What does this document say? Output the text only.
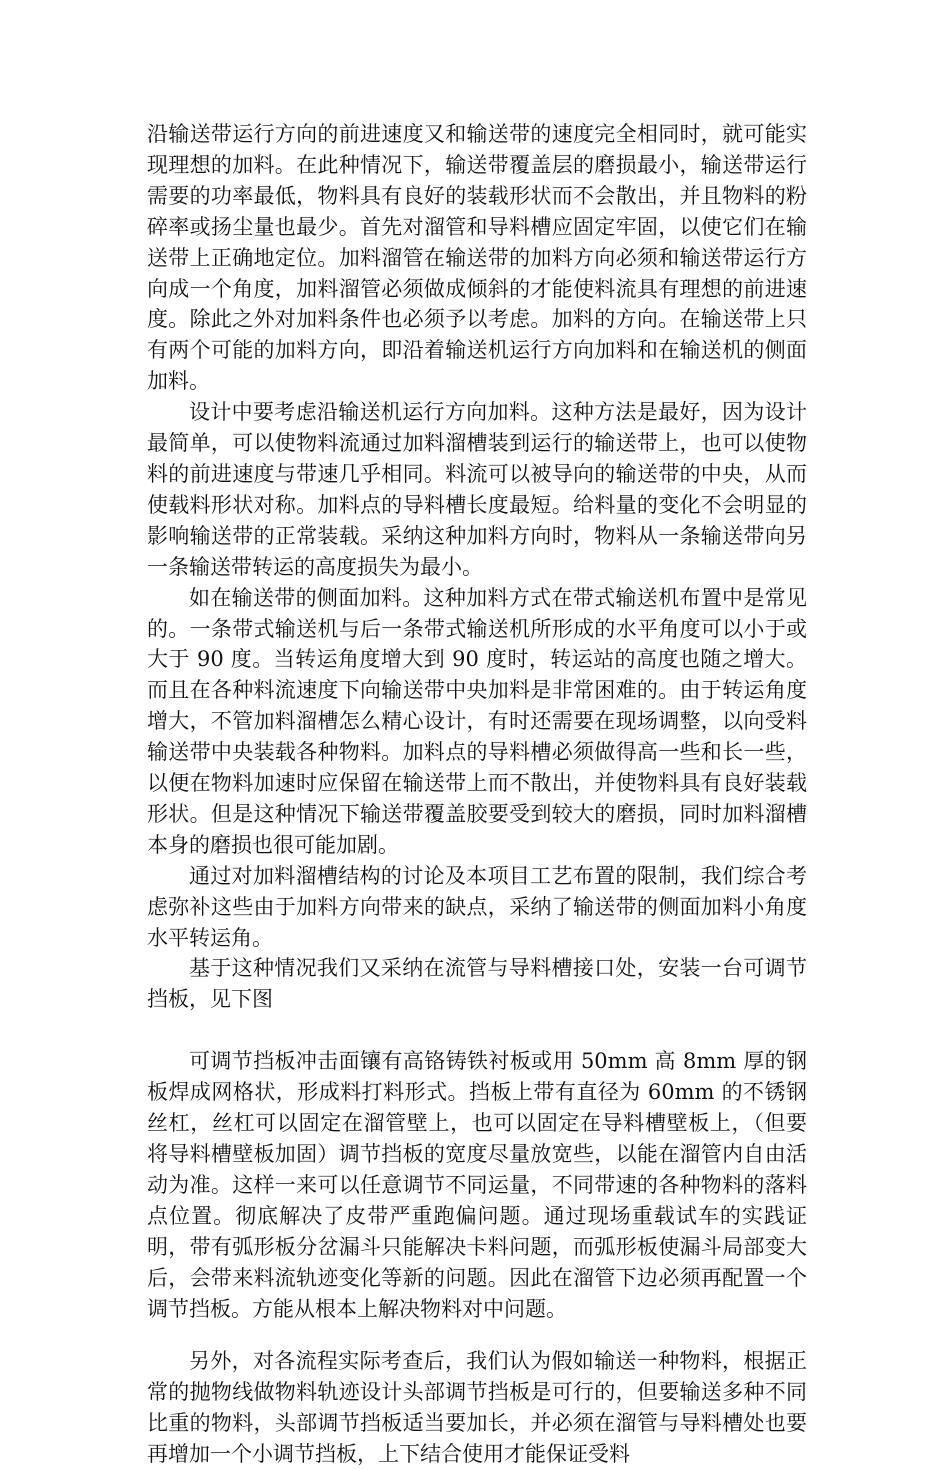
沿输送带运行方向的前进速度又和输送带的速度完全相同时，就可能实现理想的加料。在此种情况下，输送带覆盖层的磨损最小，输送带运行需要的功率最低，物料具有良好的装载形状而不会散出，并且物料的粉碎率或扬尘量也最少。首先对溜管和导料槽应固定牢固，以使它们在输送带上正确地定位。加料溜管在输送带的加料方向必须和输送带运行方向成一个角度，加料溜管必须做成倾斜的才能使料流具有理想的前进速度。除此之外对加料条件也必须予以考虑。加料的方向。在输送带上只有两个可能的加料方向，即沿着输送机运行方向加料和在输送机的侧面加料。

设计中要考虑沿输送机运行方向加料。这种方法是最好，因为设计最简单，可以使物料流通过加料溜槽装到运行的输送带上，也可以使物料的前进速度与带速几乎相同。料流可以被导向的输送带的中央，从而使载料形状对称。加料点的导料槽长度最短。给料量的变化不会明显的影响输送带的正常装载。采纳这种加料方向时，物料从一条输送带向另一条输送带转运的高度损失为最小。

如在输送带的侧面加料。这种加料方式在带式输送机布置中是常见的。一条带式输送机与后一条带式输送机所形成的水平角度可以小于或大于 90 度。当转运角度增大到 90 度时，转运站的高度也随之增大。而且在各种料流速度下向输送带中央加料是非常困难的。由于转运角度增大，不管加料溜槽怎么精心设计，有时还需要在现场调整，以向受料输送带中央装载各种物料。加料点的导料槽必须做得高一些和长一些，以便在物料加速时应保留在输送带上而不散出，并使物料具有良好装载形状。但是这种情况下输送带覆盖胶要受到较大的磨损，同时加料溜槽本身的磨损也很可能加剧。

通过对加料溜槽结构的讨论及本项目工艺布置的限制，我们综合考虑弥补这些由于加料方向带来的缺点，采纳了输送带的侧面加料小角度水平转运角。

基于这种情况我们又采纳在流管与导料槽接口处，安装一台可调节挡板，见下图

可调节挡板冲击面镶有高铬铸铁衬板或用 50mm 高 8mm 厚的钢板焊成网格状，形成料打料形式。挡板上带有直径为 60mm 的不锈钢丝杠，丝杠可以固定在溜管壁上，也可以固定在导料槽壁板上，（但要将导料槽壁板加固）调节挡板的宽度尽量放宽些，以能在溜管内自由活动为准。这样一来可以任意调节不同运量，不同带速的各种物料的落料点位置。彻底解决了皮带严重跑偏问题。通过现场重载试车的实践证明，带有弧形板分岔漏斗只能解决卡料问题，而弧形板使漏斗局部变大后，会带来料流轨迹变化等新的问题。因此在溜管下边必须再配置一个调节挡板。方能从根本上解决物料对中问题。

另外，对各流程实际考查后，我们认为假如输送一种物料，根据正常的抛物线做物料轨迹设计头部调节挡板是可行的，但要输送多种不同比重的物料，头部调节挡板适当要加长，并必须在溜管与导料槽处也要再增加一个小调节挡板，上下结合使用才能保证受料
